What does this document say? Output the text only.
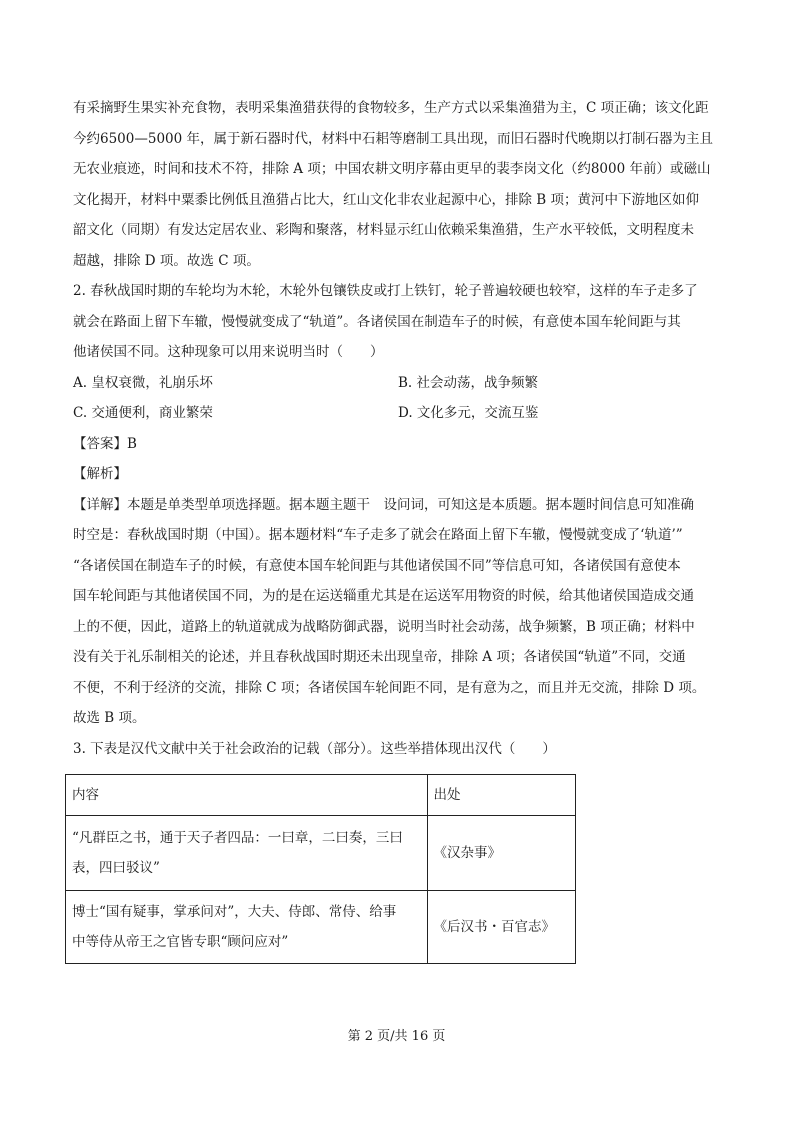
有采摘野生果实补充食物，表明采集渔猎获得的食物较多，生产方式以采集渔猎为主，C 项正确；该文化距
今约6500—5000 年，属于新石器时代，材料中石耜等磨制工具出现，而旧石器时代晚期以打制石器为主且
无农业痕迹，时间和技术不符，排除 A 项；中国农耕文明序幕由更早的裴李岗文化（约8000 年前）或磁山
文化揭开，材料中粟黍比例低且渔猎占比大，红山文化非农业起源中心，排除 B 项；黄河中下游地区如仰
韶文化（同期）有发达定居农业、彩陶和聚落，材料显示红山依赖采集渔猎，生产水平较低，文明程度未
超越，排除 D 项。故选 C 项。

2. 春秋战国时期的车轮均为木轮，木轮外包镶铁皮或打上铁钉，轮子普遍较硬也较窄，这样的车子走多了
就会在路面上留下车辙，慢慢就变成了“轨道”。各诸侯国在制造车子的时候，有意使本国车轮间距与其
他诸侯国不同。这种现象可以用来说明当时（　　）

A. 皇权衰微，礼崩乐坏	B. 社会动荡，战争频繁
C. 交通便利，商业繁荣	D. 文化多元，交流互鉴

【答案】B

【解析】

【详解】本题是单类型单项选择题。据本题主题干　设问词，可知这是本质题。据本题时间信息可知准确
时空是：春秋战国时期（中国）。据本题材料“车子走多了就会在路面上留下车辙，慢慢就变成了‘轨道’”
“各诸侯国在制造车子的时候，有意使本国车轮间距与其他诸侯国不同”等信息可知，各诸侯国有意使本
国车轮间距与其他诸侯国不同，为的是在运送辎重尤其是在运送军用物资的时候，给其他诸侯国造成交通
上的不便，因此，道路上的轨道就成为战略防御武器，说明当时社会动荡，战争频繁，B 项正确；材料中
没有关于礼乐制相关的论述，并且春秋战国时期还未出现皇帝，排除 A 项；各诸侯国“轨道”不同，交通
不便，不利于经济的交流，排除 C 项；各诸侯国车轮间距不同，是有意为之，而且并无交流，排除 D 项。
故选 B 项。

3. 下表是汉代文献中关于社会政治的记载（部分）。这些举措体现出汉代（　　）

内容	出处
“凡群臣之书，通于天子者四品：一曰章，二曰奏，三曰
表，四曰驳议”	《汉杂事》
博士“国有疑事，掌承问对”，大夫、侍郎、常侍、给事
中等侍从帝王之官皆专职“顾问应对”	《后汉书・百官志》
第 2 页/共 16 页
